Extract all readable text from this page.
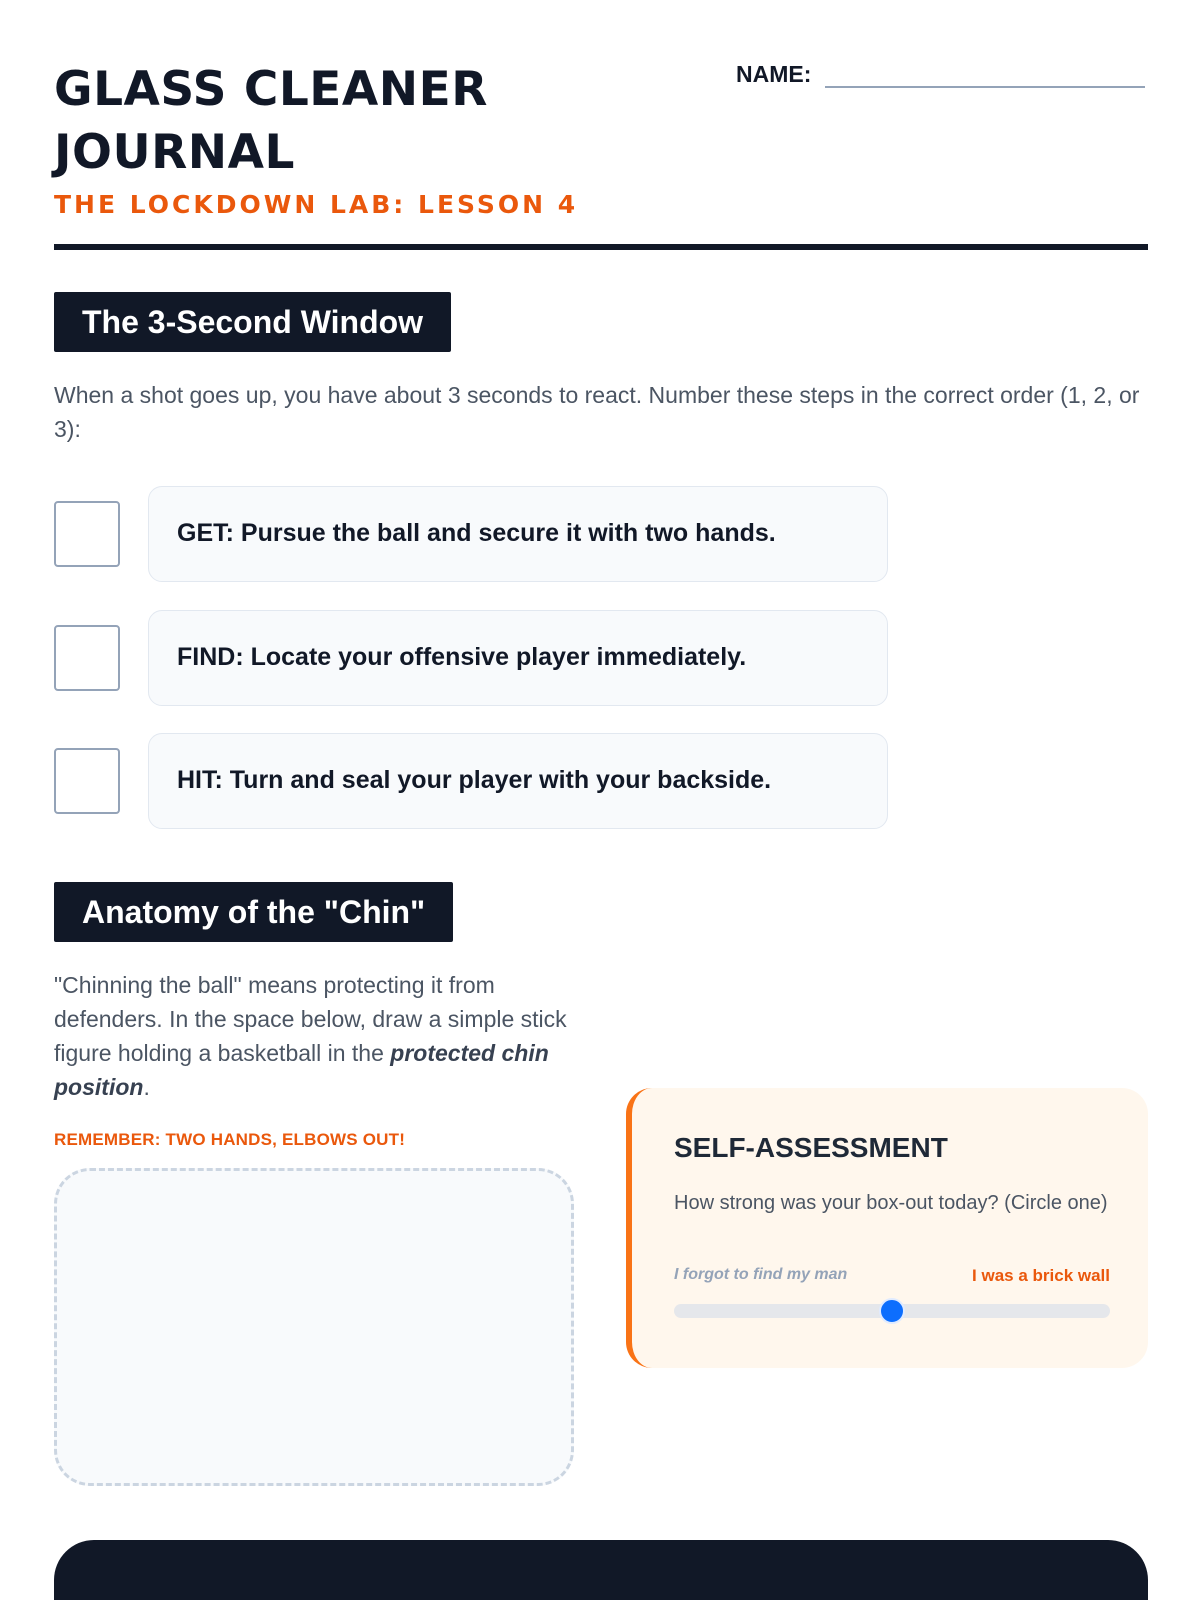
GLASS CLEANER JOURNAL
THE LOCKDOWN LAB: LESSON 4
NAME:
The 3-Second Window

When a shot goes up, you have about 3 seconds to react. Number these steps in the correct order (1, 2, or 3):

GET: Pursue the ball and secure it with two hands.
FIND: Locate your offensive player immediately.
HIT: Turn and seal your player with your backside.
Anatomy of the "Chin"

"Chinning the ball" means protecting it from defenders. In the space below, draw a simple stick figure holding a basketball in the protected chin position.

REMEMBER: TWO HANDS, ELBOWS OUT!	SELF-ASSESSMENT
How strong was your box-out today? (Circle one)
I forgot to find my man	I was a brick wall
